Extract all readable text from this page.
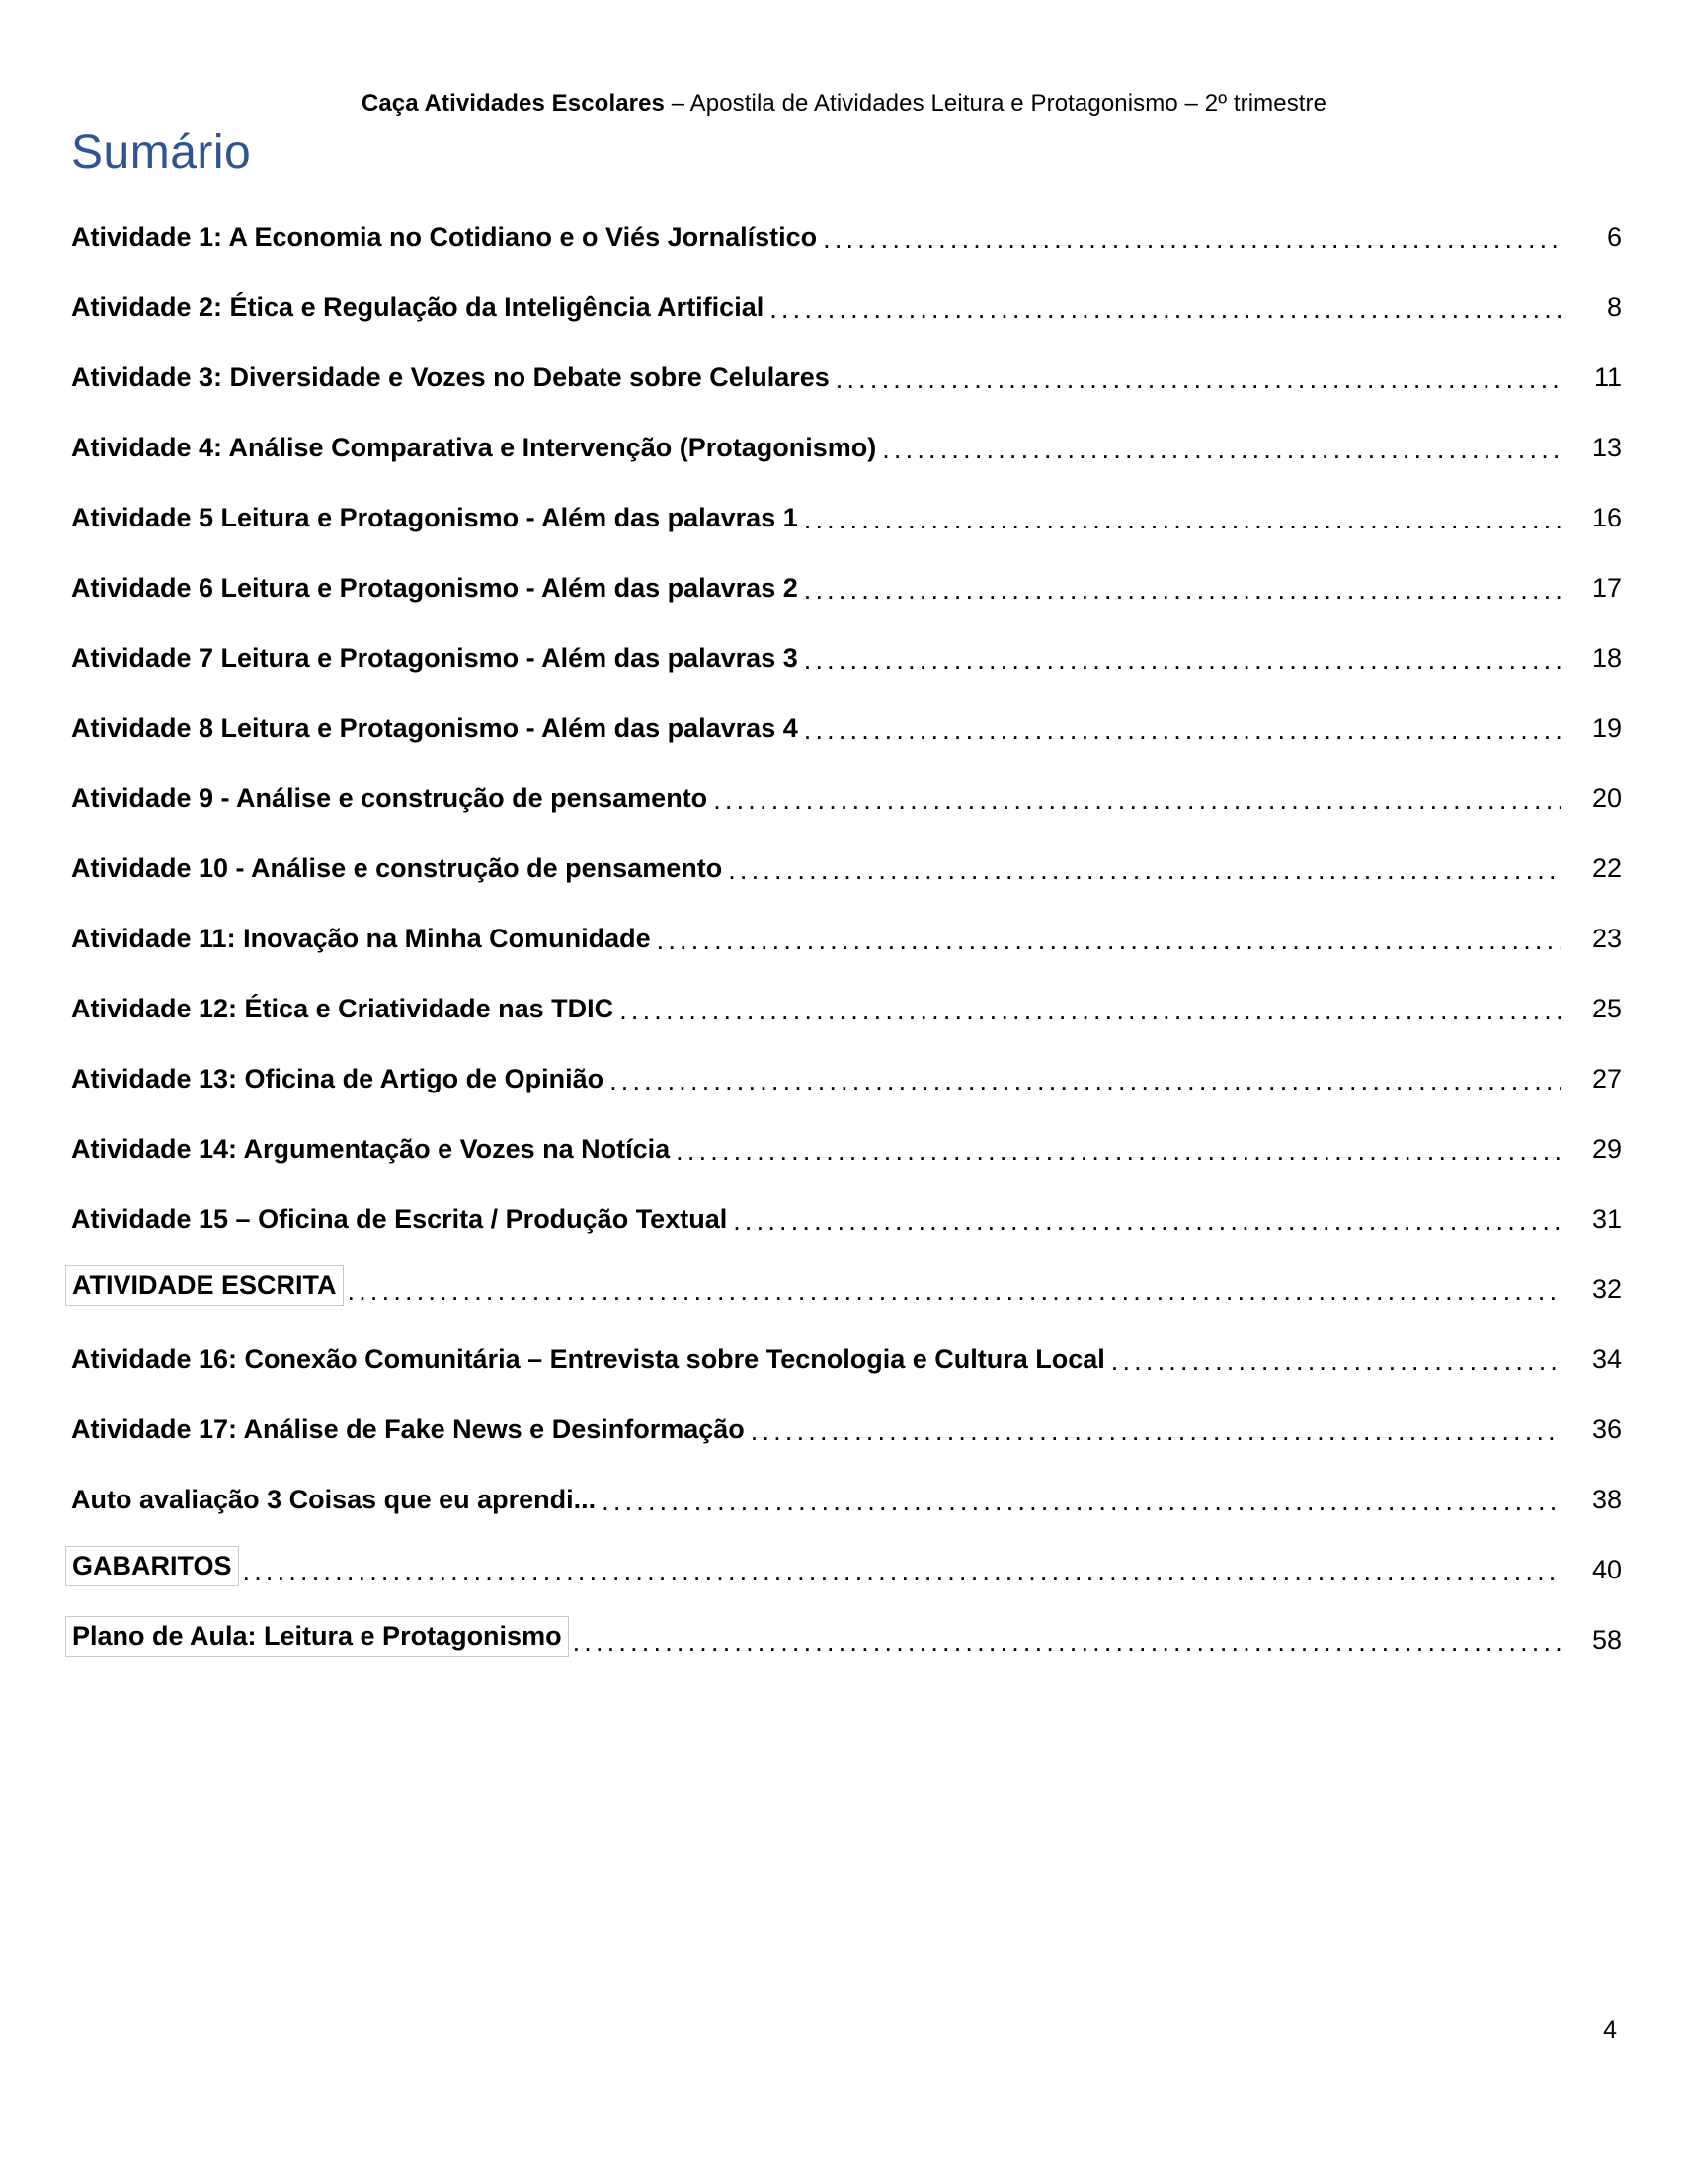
Caça Atividades Escolares – Apostila de Atividades Leitura e Protagonismo – 2º trimestre
Sumário
Atividade 1: A Economia no Cotidiano e o Viés Jornalístico .....	6
Atividade 2: Ética e Regulação da Inteligência Artificial .....	8
Atividade 3: Diversidade e Vozes no Debate sobre Celulares .....	11
Atividade 4: Análise Comparativa e Intervenção (Protagonismo) .....	13
Atividade 5 Leitura e Protagonismo - Além das palavras 1 .....	16
Atividade 6 Leitura e Protagonismo - Além das palavras 2 .....	17
Atividade 7 Leitura e Protagonismo - Além das palavras 3 .....	18
Atividade 8 Leitura e Protagonismo - Além das palavras 4 .....	19
Atividade 9 - Análise e construção de pensamento .....	20
Atividade 10 - Análise e construção de pensamento .....	22
Atividade 11: Inovação na Minha Comunidade .....	23
Atividade 12: Ética e Criatividade nas TDIC .....	25
Atividade 13: Oficina de Artigo de Opinião .....	27
Atividade 14: Argumentação e Vozes na Notícia .....	29
Atividade 15 – Oficina de Escrita / Produção Textual .....	31
ATIVIDADE ESCRITA .....	32
Atividade 16: Conexão Comunitária – Entrevista sobre Tecnologia e Cultura Local .....	34
Atividade 17: Análise de Fake News e Desinformação .....	36
Auto avaliação 3 Coisas que eu aprendi... .....	38
GABARITOS .....	40
Plano de Aula: Leitura e Protagonismo .....	58
4
